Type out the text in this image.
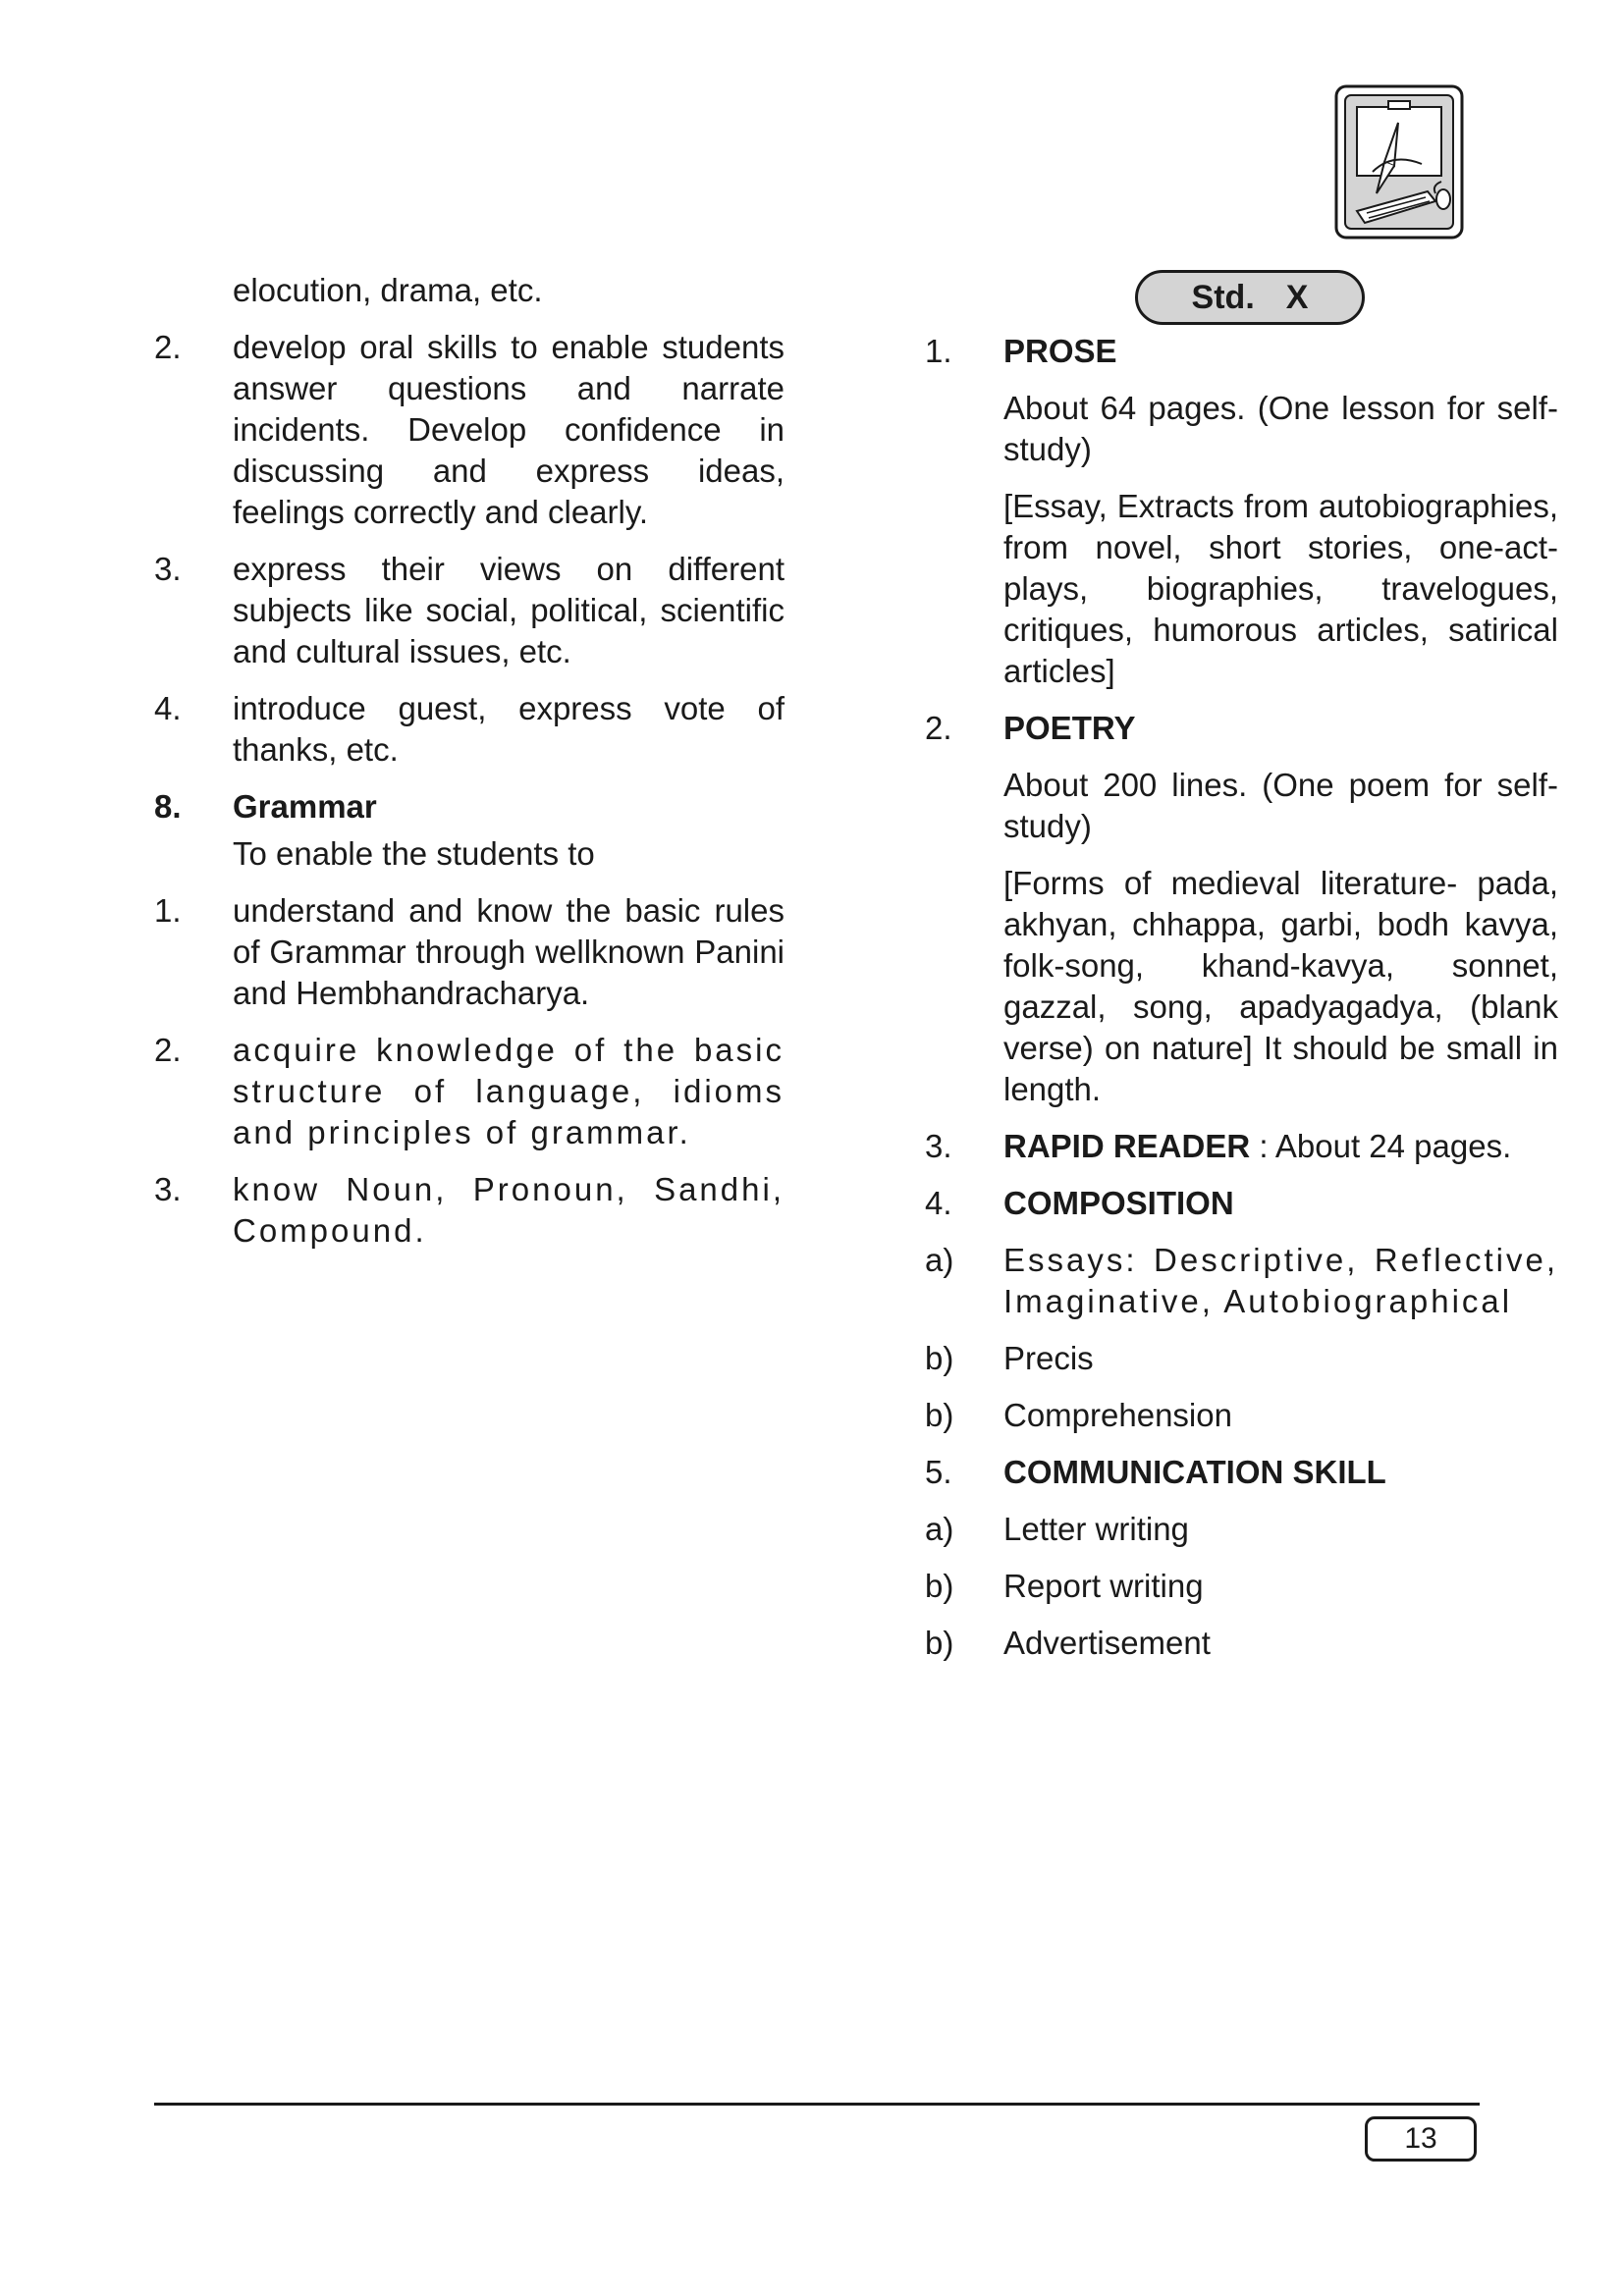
elocution, drama, etc.
2. develop oral skills to enable students answer questions and narrate incidents. Develop confidence in discussing and express ideas, feelings correctly and clearly.
3. express their views on different subjects like social, political, scientific and cultural issues, etc.
4. introduce guest, express vote of thanks, etc.
8. Grammar
To enable the students to
1. understand and know the basic rules of Grammar through wellknown Panini and Hembhandracharya.
2. acquire knowledge of the basic structure of language, idioms and principles of grammar.
3. know Noun, Pronoun, Sandhi, Compound.
Std. X
1. PROSE
About 64 pages. (One lesson for self-study)
[Essay, Extracts from autobiographies, from novel, short stories, one-act-plays, biographies, travelogues, critiques, humorous articles, satirical articles]
2. POETRY
About 200 lines. (One poem for self-study)
[Forms of medieval literature- pada, akhyan, chhappa, garbi, bodh kavya, folk-song, khand-kavya, sonnet, gazzal, song, apadyagadya, (blank verse) on nature] It should be small in length.
3. RAPID READER : About 24 pages.
4. COMPOSITION
a) Essays: Descriptive, Reflective, Imaginative, Autobiographical
b) Precis
b) Comprehension
5. COMMUNICATION SKILL
a) Letter writing
b) Report writing
b) Advertisement
13
